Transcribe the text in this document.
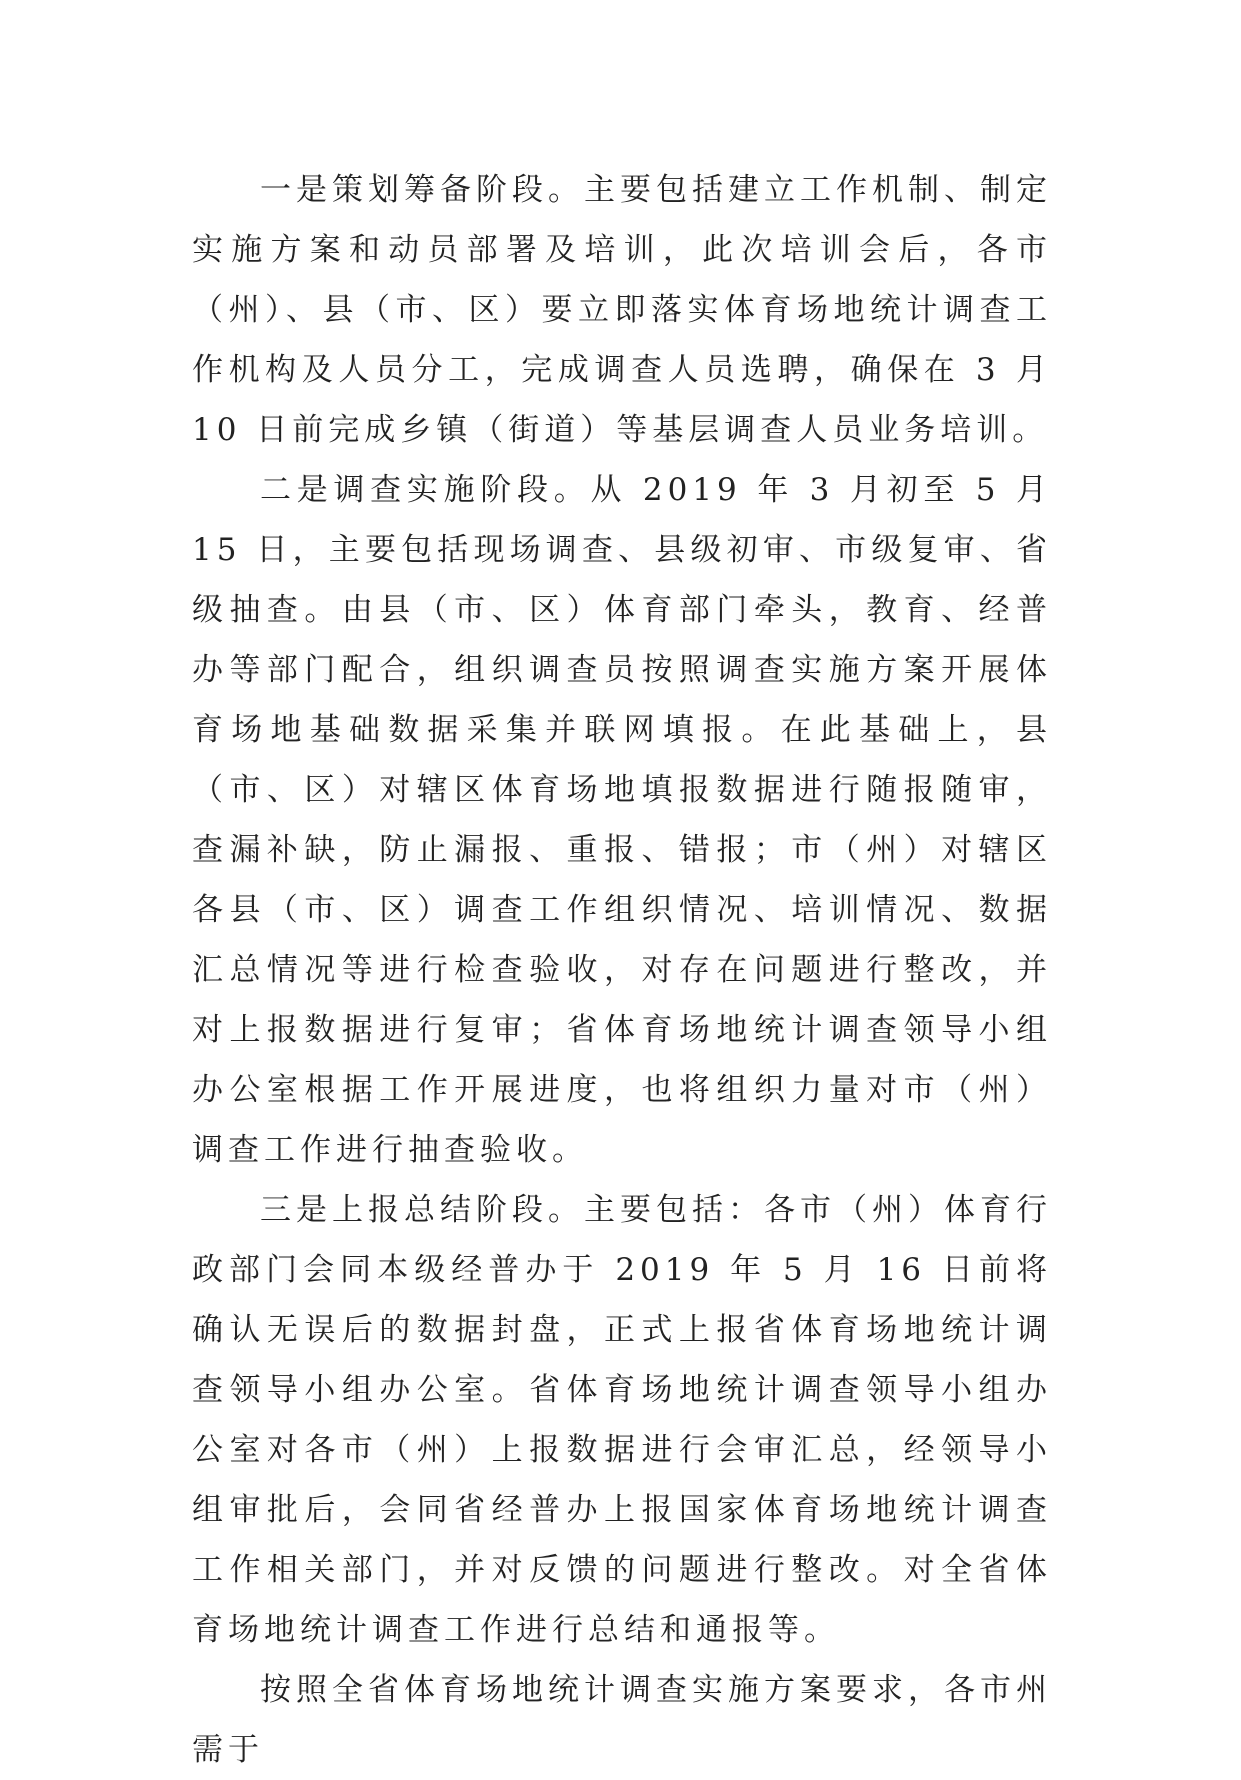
一是策划筹备阶段。主要包括建立工作机制、制定实施方案和动员部署及培训，此次培训会后，各市（州）、县（市、区）要立即落实体育场地统计调查工作机构及人员分工，完成调查人员选聘，确保在 3 月 10 日前完成乡镇（街道）等基层调查人员业务培训。

二是调查实施阶段。从 2019 年 3 月初至 5 月 15 日，主要包括现场调查、县级初审、市级复审、省级抽查。由县（市、区）体育部门牵头，教育、经普办等部门配合，组织调查员按照调查实施方案开展体育场地基础数据采集并联网填报。在此基础上，县（市、区）对辖区体育场地填报数据进行随报随审，查漏补缺，防止漏报、重报、错报；市（州）对辖区各县（市、区）调查工作组织情况、培训情况、数据汇总情况等进行检查验收，对存在问题进行整改，并对上报数据进行复审；省体育场地统计调查领导小组办公室根据工作开展进度，也将组织力量对市（州）调查工作进行抽查验收。

三是上报总结阶段。主要包括：各市（州）体育行政部门会同本级经普办于 2019 年 5 月 16 日前将确认无误后的数据封盘，正式上报省体育场地统计调查领导小组办公室。省体育场地统计调查领导小组办公室对各市（州）上报数据进行会审汇总，经领导小组审批后，会同省经普办上报国家体育场地统计调查工作相关部门，并对反馈的问题进行整改。对全省体育场地统计调查工作进行总结和通报等。

按照全省体育场地统计调查实施方案要求，各市州需于
